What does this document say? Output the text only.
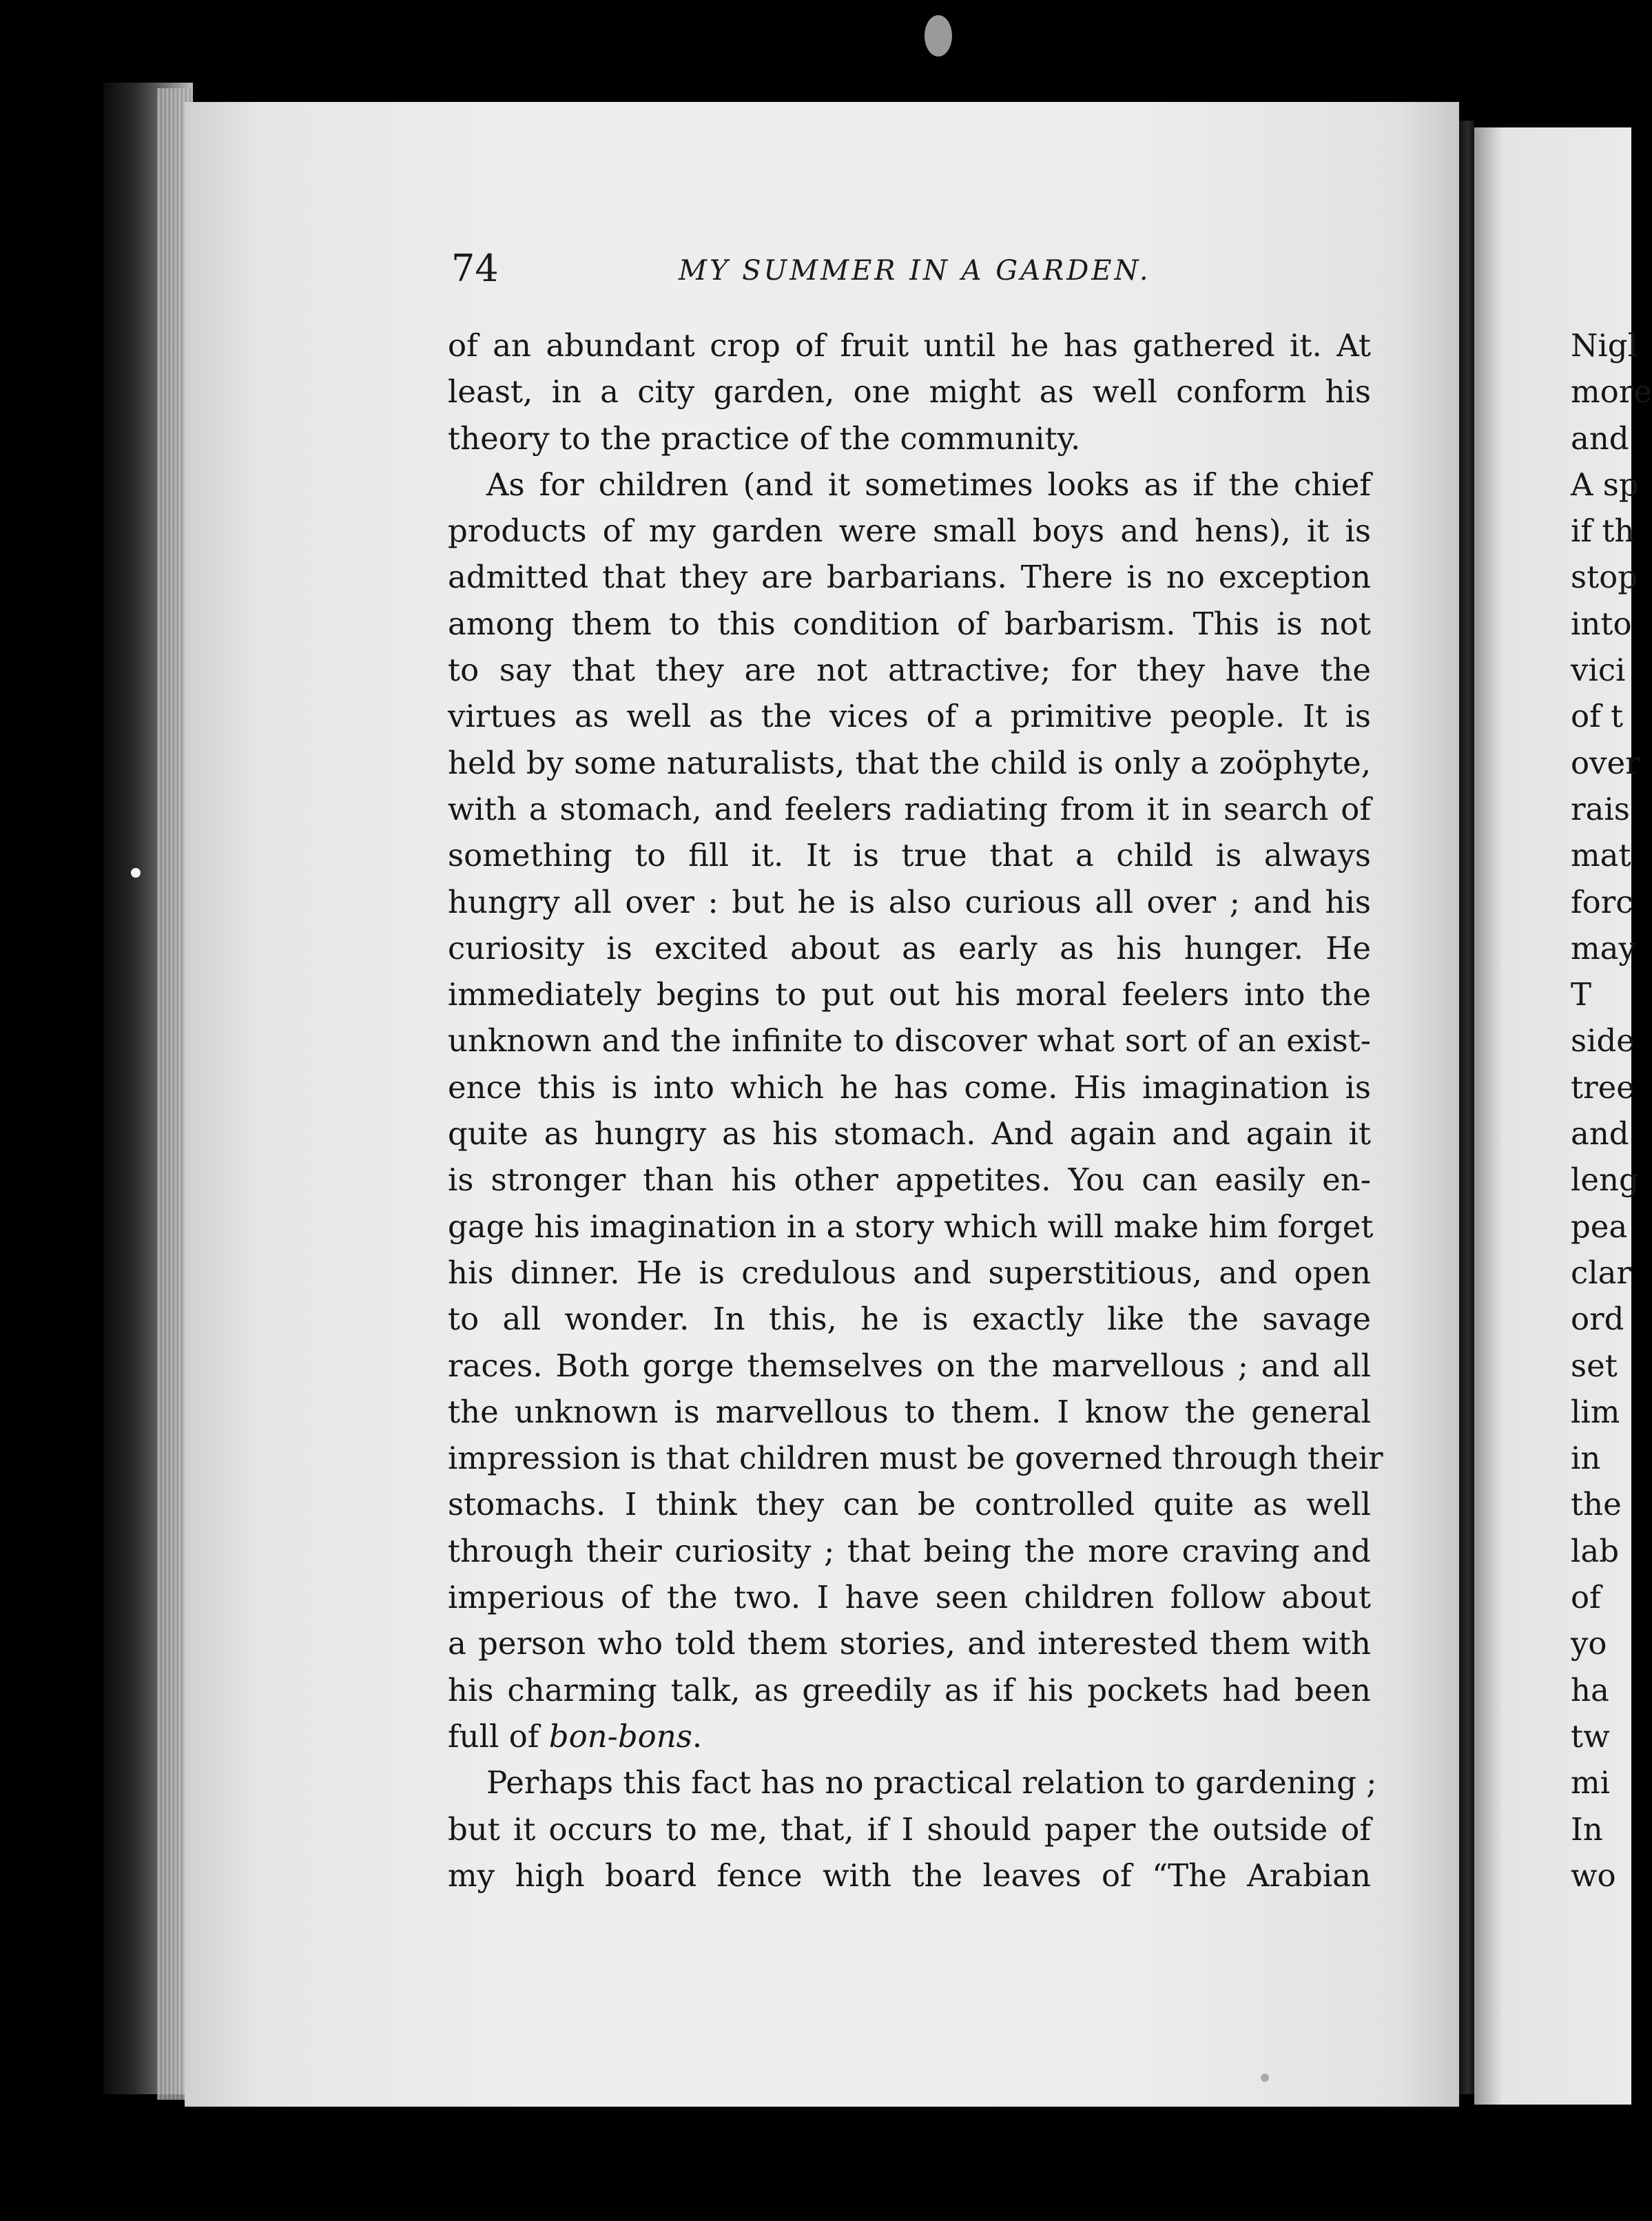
74	MY SUMMER IN A GARDEN.
of an abundant crop of fruit until he has gathered it. At
least, in a city garden, one might as well conform his
theory to the practice of the community.
As for children (and it sometimes looks as if the chief
products of my garden were small boys and hens), it is
admitted that they are barbarians. There is no exception
among them to this condition of barbarism. This is not
to say that they are not attractive; for they have the
virtues as well as the vices of a primitive people. It is
held by some naturalists, that the child is only a zoöphyte,
with a stomach, and feelers radiating from it in search of
something to fill it. It is true that a child is always
hungry all over : but he is also curious all over ; and his
curiosity is excited about as early as his hunger. He
immediately begins to put out his moral feelers into the
unknown and the infinite to discover what sort of an exist-
ence this is into which he has come. His imagination is
quite as hungry as his stomach. And again and again it
is stronger than his other appetites. You can easily en-
gage his imagination in a story which will make him forget
his dinner. He is credulous and superstitious, and open
to all wonder. In this, he is exactly like the savage
races. Both gorge themselves on the marvellous ; and all
the unknown is marvellous to them. I know the general
impression is that children must be governed through their
stomachs. I think they can be controlled quite as well
through their curiosity ; that being the more craving and
imperious of the two. I have seen children follow about
a person who told them stories, and interested them with
his charming talk, as greedily as if his pockets had been
full of bon-bons.
Perhaps this fact has no practical relation to gardening ;
but it occurs to me, that, if I should paper the outside of
my high board fence with the leaves of “The Arabian
Nigl
more
and
A sp
if th
stop
into
vici
of t
over
rais
mat
forc
may
T
side
tree
and
leng
pea
clar
ord
set
lim
in
the
lab
of
yo
ha
tw
mi
In
wo
